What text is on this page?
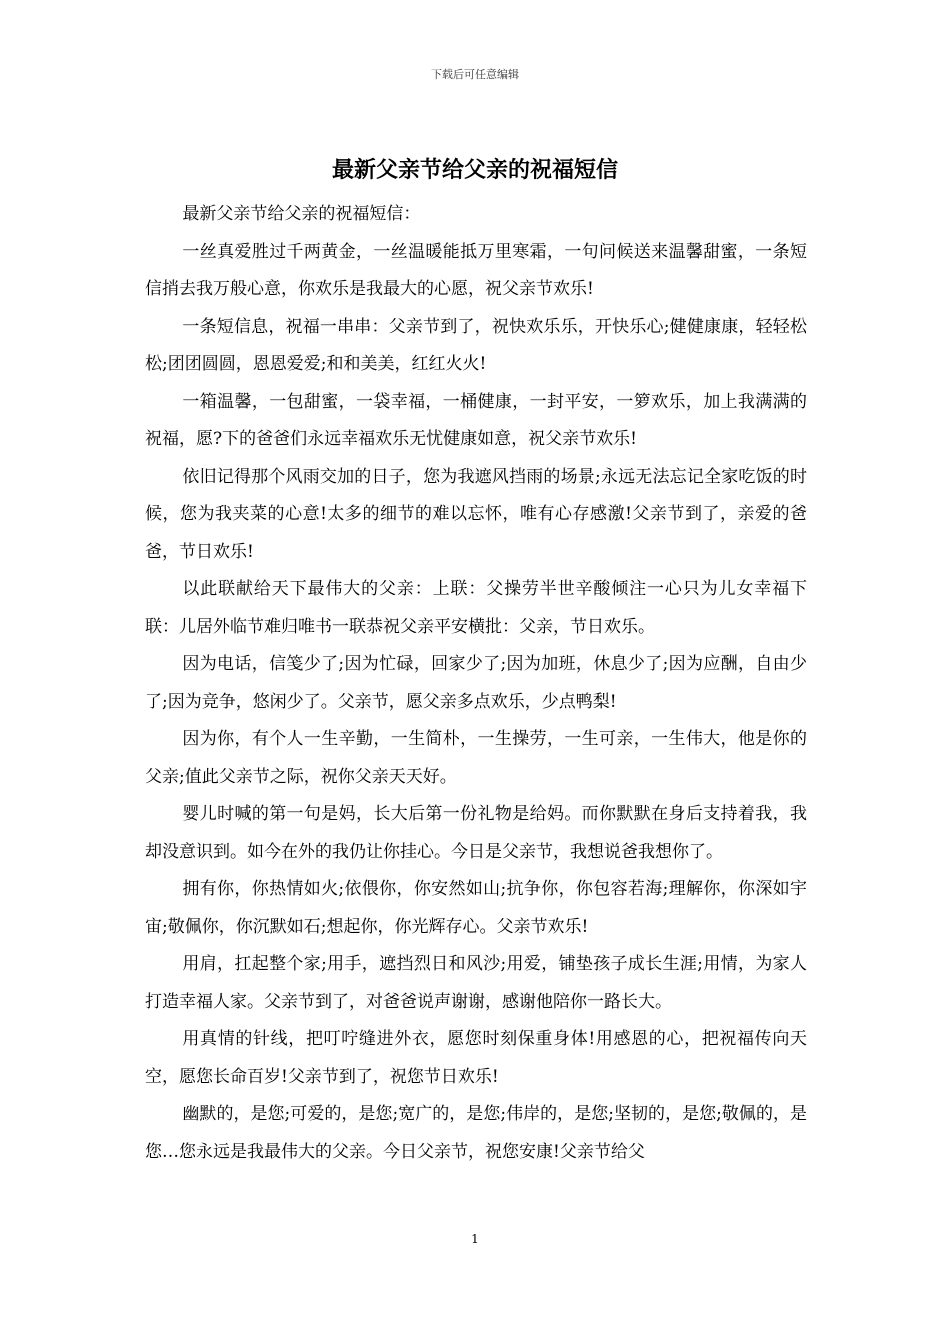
下载后可任意编辑
最新父亲节给父亲的祝福短信

最新父亲节给父亲的祝福短信：

一丝真爱胜过千两黄金，一丝温暖能抵万里寒霜，一句问候送来温馨甜蜜，一条短信捎去我万般心意，你欢乐是我最大的心愿，祝父亲节欢乐!

一条短信息，祝福一串串：父亲节到了，祝快欢乐乐，开快乐心;健健康康，轻轻松松;团团圆圆，恩恩爱爱;和和美美，红红火火!

一箱温馨，一包甜蜜，一袋幸福，一桶健康，一封平安，一箩欢乐，加上我满满的祝福，愿?下的爸爸们永远幸福欢乐无忧健康如意，祝父亲节欢乐!

依旧记得那个风雨交加的日子，您为我遮风挡雨的场景;永远无法忘记全家吃饭的时候，您为我夹菜的心意!太多的细节的难以忘怀，唯有心存感激!父亲节到了，亲爱的爸爸，节日欢乐!

以此联献给天下最伟大的父亲：上联：父操劳半世辛酸倾注一心只为儿女幸福下联：儿居外临节难归唯书一联恭祝父亲平安横批：父亲，节日欢乐。

因为电话，信笺少了;因为忙碌，回家少了;因为加班，休息少了;因为应酬，自由少了;因为竞争，悠闲少了。父亲节，愿父亲多点欢乐，少点鸭梨!

因为你，有个人一生辛勤，一生简朴，一生操劳，一生可亲，一生伟大，他是你的父亲;值此父亲节之际，祝你父亲天天好。

婴儿时喊的第一句是妈，长大后第一份礼物是给妈。而你默默在身后支持着我，我却没意识到。如今在外的我仍让你挂心。今日是父亲节，我想说爸我想你了。

拥有你，你热情如火;依偎你，你安然如山;抗争你，你包容若海;理解你，你深如宇宙;敬佩你，你沉默如石;想起你，你光辉存心。父亲节欢乐!

用肩，扛起整个家;用手，遮挡烈日和风沙;用爱，铺垫孩子成长生涯;用情，为家人打造幸福人家。父亲节到了，对爸爸说声谢谢，感谢他陪你一路长大。

用真情的针线，把叮咛缝进外衣，愿您时刻保重身体!用感恩的心，把祝福传向天空，愿您长命百岁!父亲节到了，祝您节日欢乐!

幽默的，是您;可爱的，是您;宽广的，是您;伟岸的，是您;坚韧的，是您;敬佩的，是您…您永远是我最伟大的父亲。今日父亲节，祝您安康!父亲节给父

1
